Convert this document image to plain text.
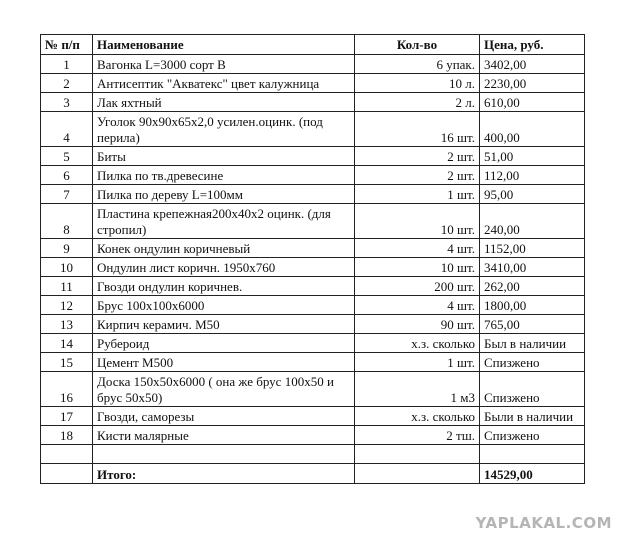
№ п/п	Наименование	Кол-во	Цена, руб.
1	Вагонка L=3000 сорт В	6 упак.	3402,00
2	Антисептик "Акватекс" цвет калужница	10 л.	2230,00
3	Лак яхтный	2 л.	610,00
4	Уголок 90x90x65x2,0 усилен.оцинк. (под перила)	16 шт.	400,00
5	Биты	2 шт.	51,00
6	Пилка по тв.древесине	2 шт.	112,00
7	Пилка по дереву L=100мм	1 шт.	95,00
8	Пластина крепежная200x40x2 оцинк. (для стропил)	10 шт.	240,00
9	Конек ондулин коричневый	4 шт.	1152,00
10	Ондулин лист коричн. 1950x760	10 шт.	3410,00
11	Гвозди ондулин коричнев.	200 шт.	262,00
12	Брус 100x100x6000	4 шт.	1800,00
13	Кирпич керамич. М50	90 шт.	765,00
14	Рубероид	х.з. сколько	Был в наличии
15	Цемент М500	1 шт.	Спизжено
16	Доска 150x50x6000 ( она же брус 100x50 и брус 50x50)	1 м3	Спизжено
17	Гвозди, саморезы	х.з. сколько	Были в наличии
18	Кисти малярные	2 тш.	Спизжено

	Итого:		14529,00
YAPLAKAL.COM
